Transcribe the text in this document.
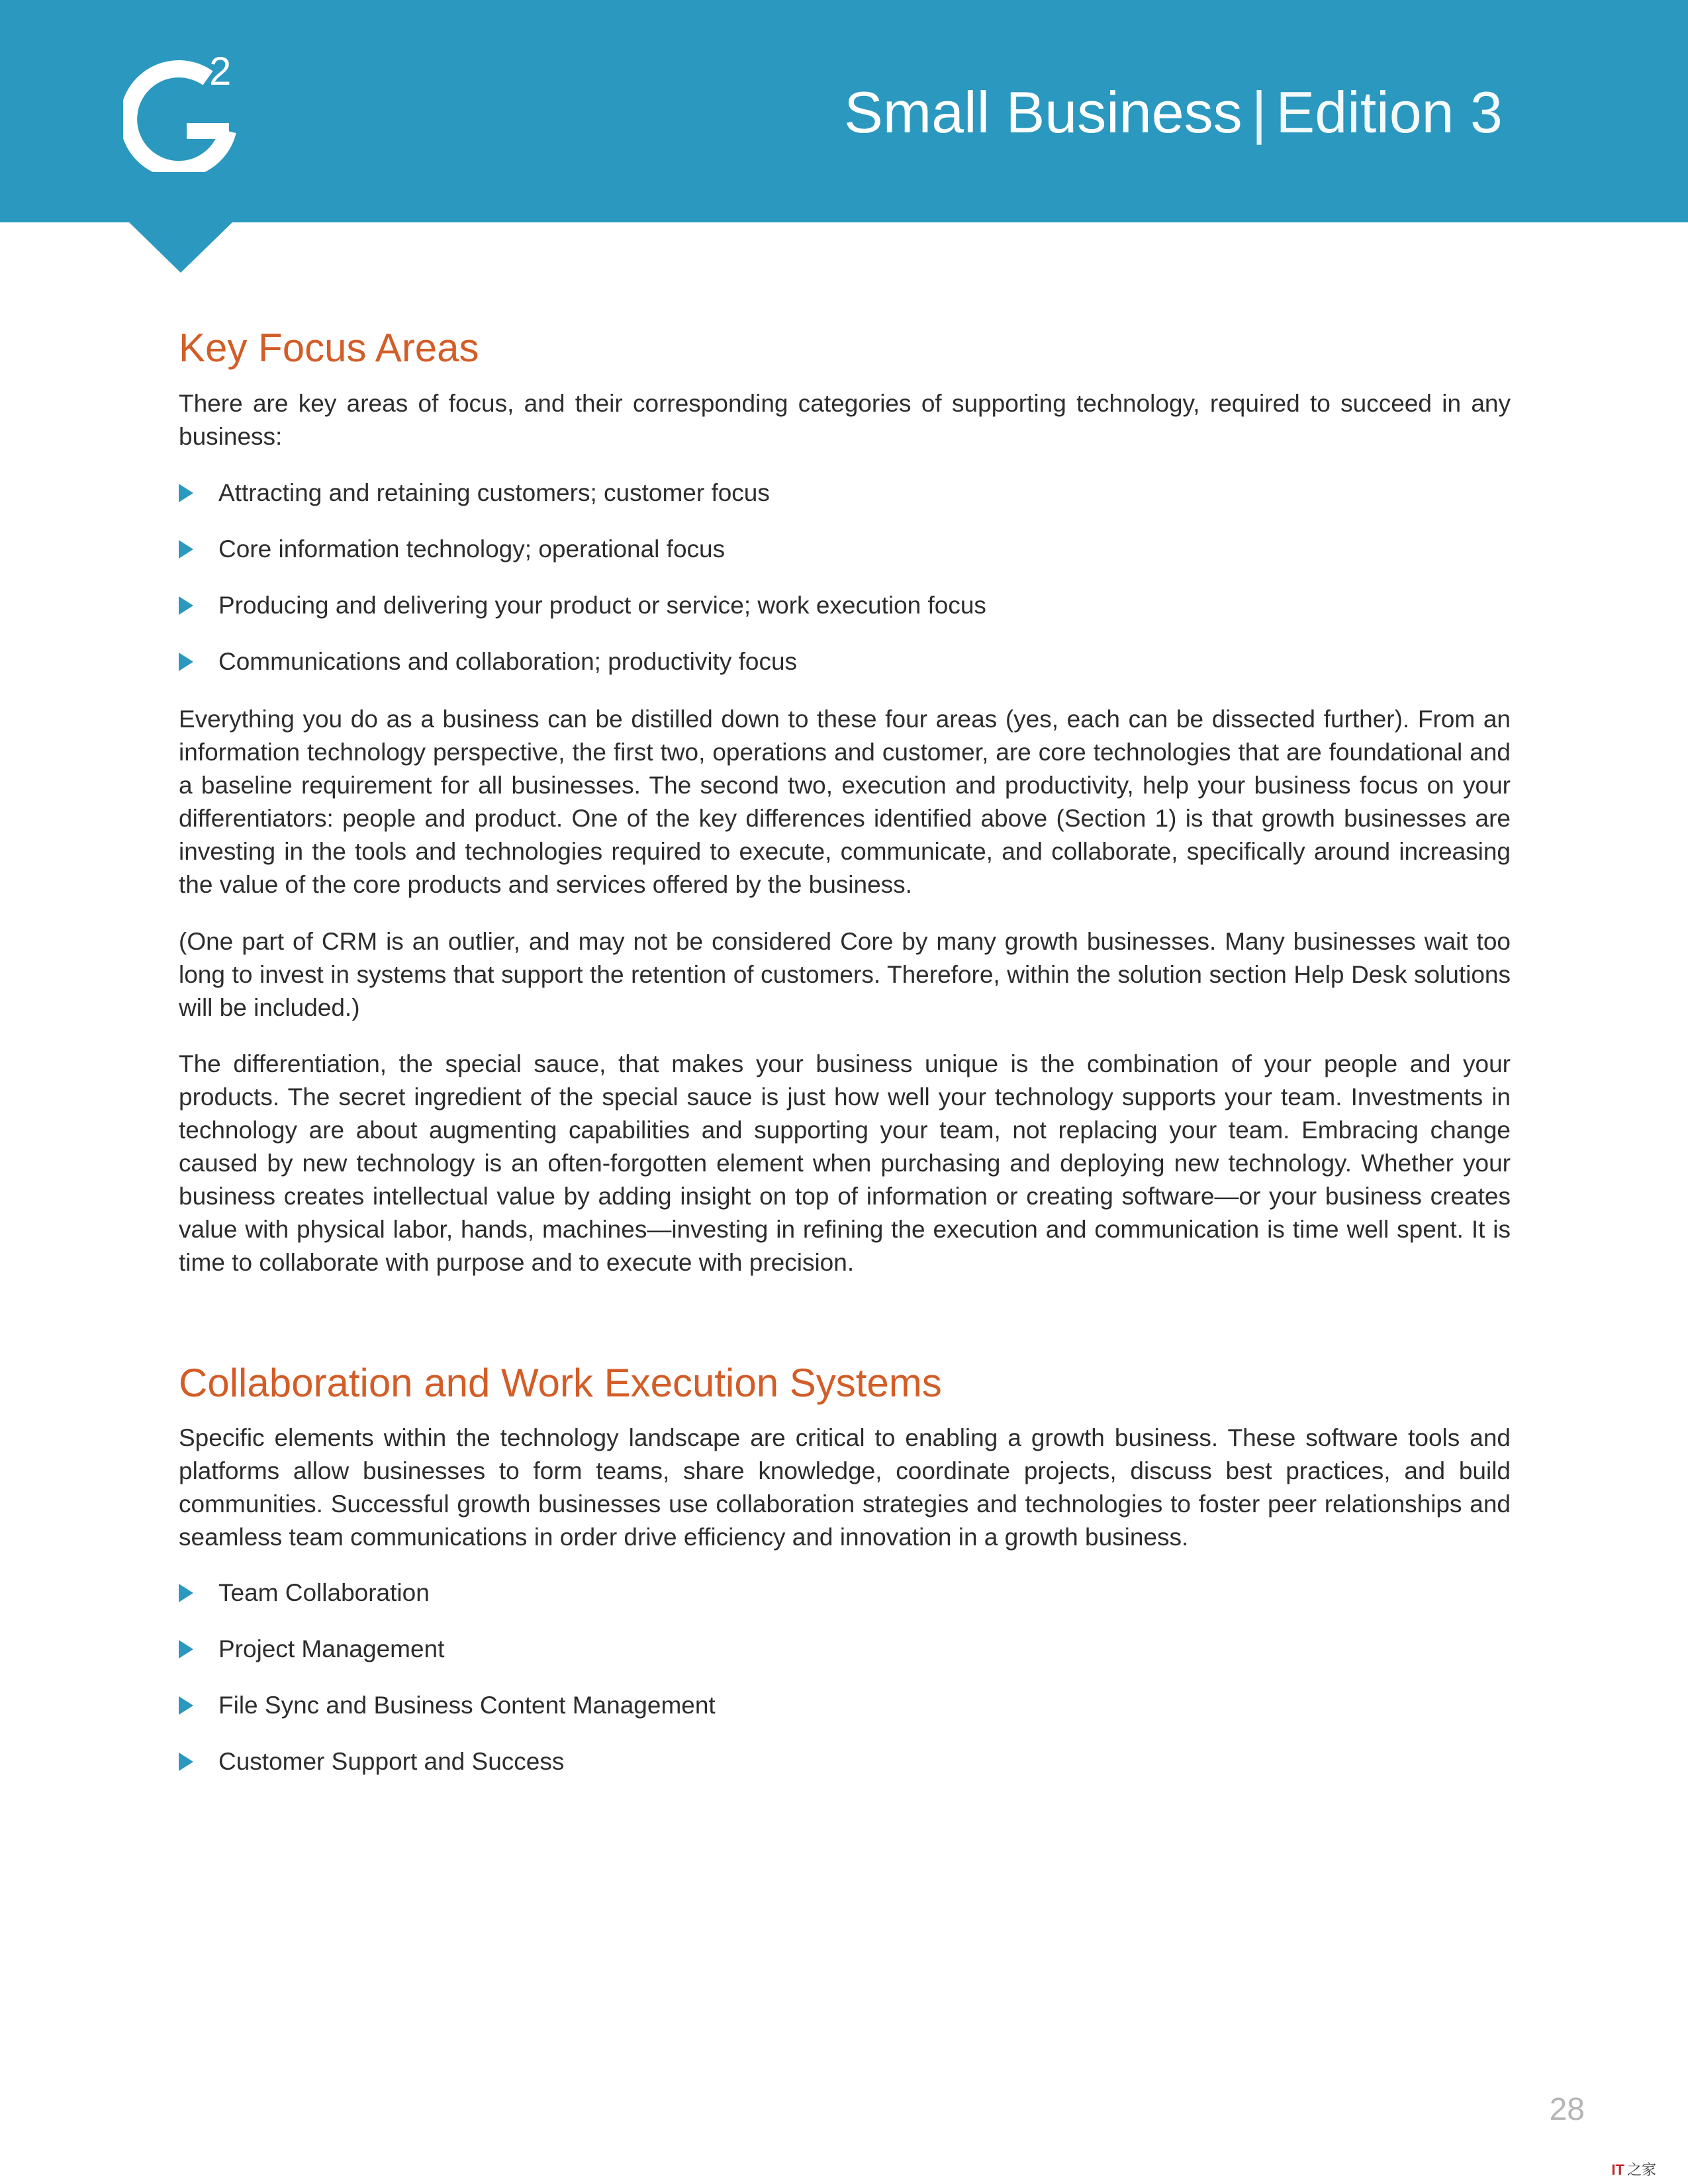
2
Small Business | Edition 3
Key Focus Areas

There are key areas of focus, and their corresponding categories of supporting technology, required to succeed in any business:

Attracting and retaining customers; customer focus
Core information technology; operational focus
Producing and delivering your product or service; work execution focus
Communications and collaboration; productivity focus

Everything you do as a business can be distilled down to these four areas (yes, each can be dissected further). From an information technology perspective, the first two, operations and customer, are core technologies that are foundational and a baseline requirement for all businesses. The second two, execution and productivity, help your business focus on your differentiators: people and product. One of the key differences identified above (Section 1) is that growth businesses are investing in the tools and technologies required to execute, communicate, and collaborate, specifically around increasing the value of the core products and services offered by the business.

(One part of CRM is an outlier, and may not be considered Core by many growth businesses. Many businesses wait too long to invest in systems that support the retention of customers. Therefore, within the solution section Help Desk solutions will be included.)

The differentiation, the special sauce, that makes your business unique is the combination of your people and your products. The secret ingredient of the special sauce is just how well your technology supports your team. Investments in technology are about augmenting capabilities and supporting your team, not replacing your team. Embracing change caused by new technology is an often-forgotten element when purchasing and deploying new technology. Whether your business creates intellectual value by adding insight on top of information or creating software—or your business creates value with physical labor, hands, machines—investing in refining the execution and communication is time well spent. It is time to collaborate with purpose and to execute with precision.

Collaboration and Work Execution Systems

Specific elements within the technology landscape are critical to enabling a growth business. These software tools and platforms allow businesses to form teams, share knowledge, coordinate projects, discuss best practices, and build communities. Successful growth businesses use collaboration strategies and technologies to foster peer relationships and seamless team communications in order drive efficiency and innovation in a growth business.

Team Collaboration
Project Management
File Sync and Business Content Management
Customer Support and Success
28
IT 之家
